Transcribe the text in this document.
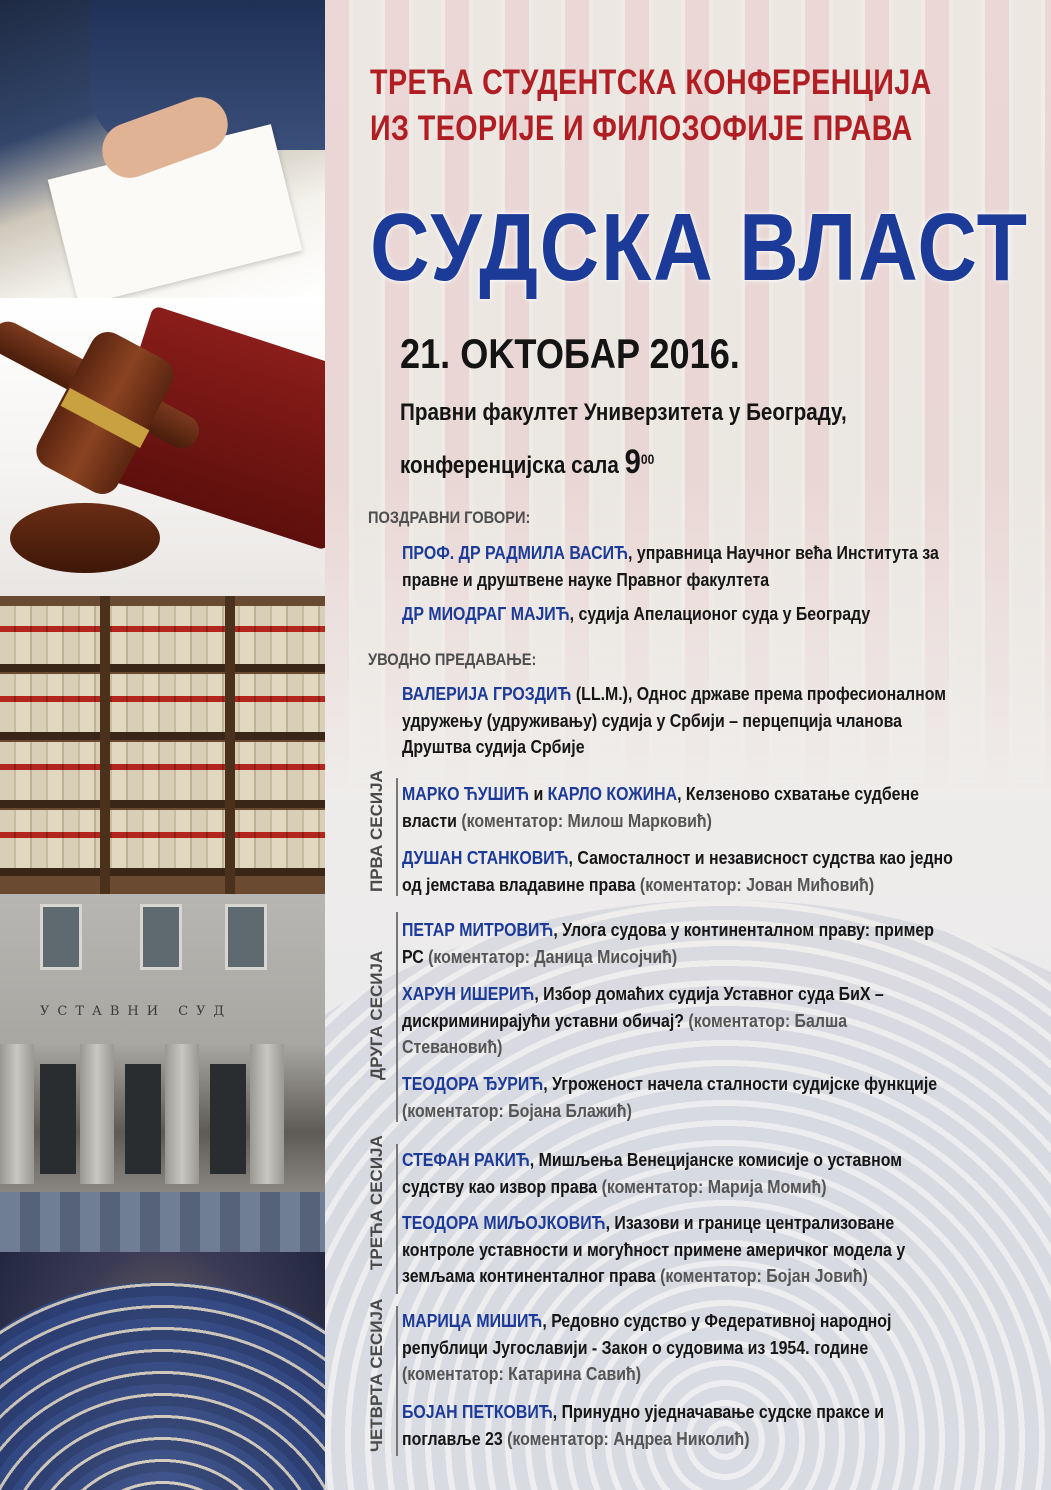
УСТАВНИ СУД
ТРЕЋА СТУДЕНТСКА КОНФЕРЕНЦИЈА
ИЗ ТЕОРИЈЕ И ФИЛОЗОФИЈЕ ПРАВА
СУДСКА ВЛАСТ
21. OKTOБAP 2016.
Правни факултет Универзитета у Београду,
конференцијска сала $9^{00}$
ПОЗДРАВНИ ГОВОРИ:
ПРОФ. ДР РАДМИЛА ВАСИЋ, управница Научног већа Института за
правне и друштвене науке Правног факултета
ДР МИОДРАГ МАЈИЋ, судија Апелационог суда у Београду
УВОДНО ПРЕДАВАЊЕ:
ВАЛЕРИЈА ГРОЗДИЋ (LL.M.), Однос државе према професионалном
удружењу (удруживању) судија у Србији – перцепција чланова
Друштва судија Србије
ПРВА СЕСИЈА МАРКО ЋУШИЋ и КАРЛО КОЖИНА, Келзеново схватање судбене
власти (коментатор: Милош Марковић)
ДУШАН СТАНКОВИЋ, Самосталност и независност судства као једно
од јемстава владавине права (коментатор: Јован Мићовић)
ДРУГА СЕСИЈА
ПЕТАР МИТРОВИЋ, Улога судова у континенталном праву: пример
РС (коментатор: Даница Мисојчић)
ХАРУН ИШЕРИЋ, Избор домаћих судија Уставног суда БиХ –
дискриминирајући уставни обичај? (коментатор: Балша
Стевановић)
ТЕОДОРА ЂУРИЋ, Угроженост начела сталности судијске функције
(коментатор: Бојана Блажић)
ТРЕЋА СЕСИЈА СТЕФАН РАКИЋ, Мишљења Венецијанске комисије о уставном
судству као извор права (коментатор: Марија Момић)
ТЕОДОРА МИЉОЈКОВИЋ, Изазови и границе централизоване
контроле уставности и могућност примене америчког модела у
земљама континенталног права (коментатор: Бојан Јовић)
ЧЕТВРТА СЕСИЈА МАРИЦА МИШИЋ, Редовно судство у Федеративној народној
републици Југославији - Закон о судовима из 1954. године
(коментатор: Катарина Савић)
БОЈАН ПЕТКОВИЋ, Принудно уједначавање судске праксе и
поглавље 23 (коментатор: Андреа Николић)
